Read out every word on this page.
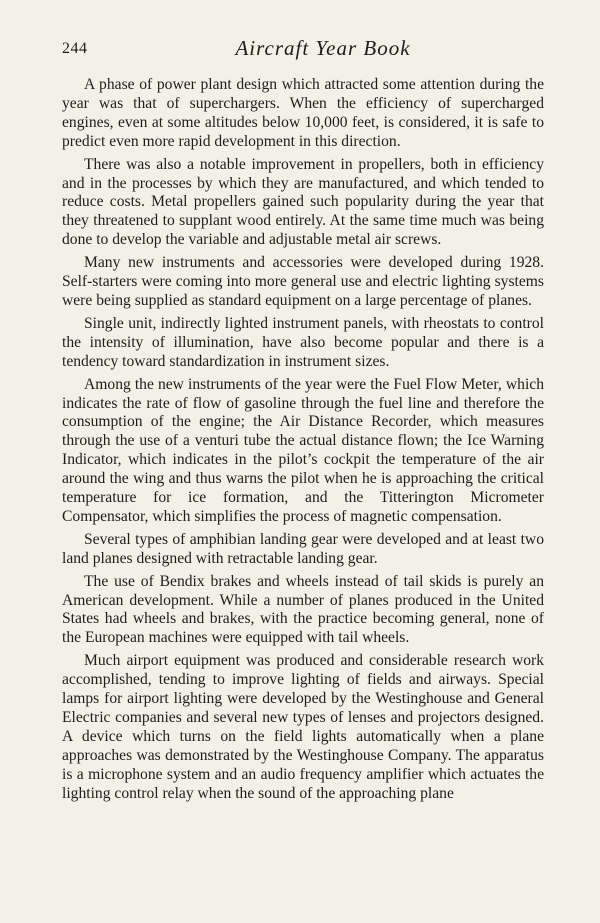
244	Aircraft Year Book

A phase of power plant design which attracted some attention during the year was that of superchargers. When the efficiency of supercharged engines, even at some altitudes below 10,000 feet, is considered, it is safe to predict even more rapid development in this direction.

There was also a notable improvement in propellers, both in efficiency and in the processes by which they are manufactured, and which tended to reduce costs. Metal propellers gained such popularity during the year that they threatened to supplant wood entirely. At the same time much was being done to develop the variable and adjustable metal air screws.

Many new instruments and accessories were developed during 1928. Self-starters were coming into more general use and electric lighting systems were being supplied as standard equipment on a large percentage of planes.

Single unit, indirectly lighted instrument panels, with rheostats to control the intensity of illumination, have also become popular and there is a tendency toward standardization in instrument sizes.

Among the new instruments of the year were the Fuel Flow Meter, which indicates the rate of flow of gasoline through the fuel line and therefore the consumption of the engine; the Air Distance Recorder, which measures through the use of a venturi tube the actual distance flown; the Ice Warning Indicator, which indicates in the pilot’s cockpit the temperature of the air around the wing and thus warns the pilot when he is approaching the critical temperature for ice formation, and the Titterington Micrometer Compensator, which simplifies the process of magnetic compensation.

Several types of amphibian landing gear were developed and at least two land planes designed with retractable landing gear.

The use of Bendix brakes and wheels instead of tail skids is purely an American development. While a number of planes produced in the United States had wheels and brakes, with the practice becoming general, none of the European machines were equipped with tail wheels.

Much airport equipment was produced and considerable research work accomplished, tending to improve lighting of fields and airways. Special lamps for airport lighting were developed by the Westinghouse and General Electric companies and several new types of lenses and projectors designed. A device which turns on the field lights automatically when a plane approaches was demonstrated by the Westinghouse Company. The apparatus is a microphone system and an audio frequency amplifier which actuates the lighting control relay when the sound of the approaching plane
